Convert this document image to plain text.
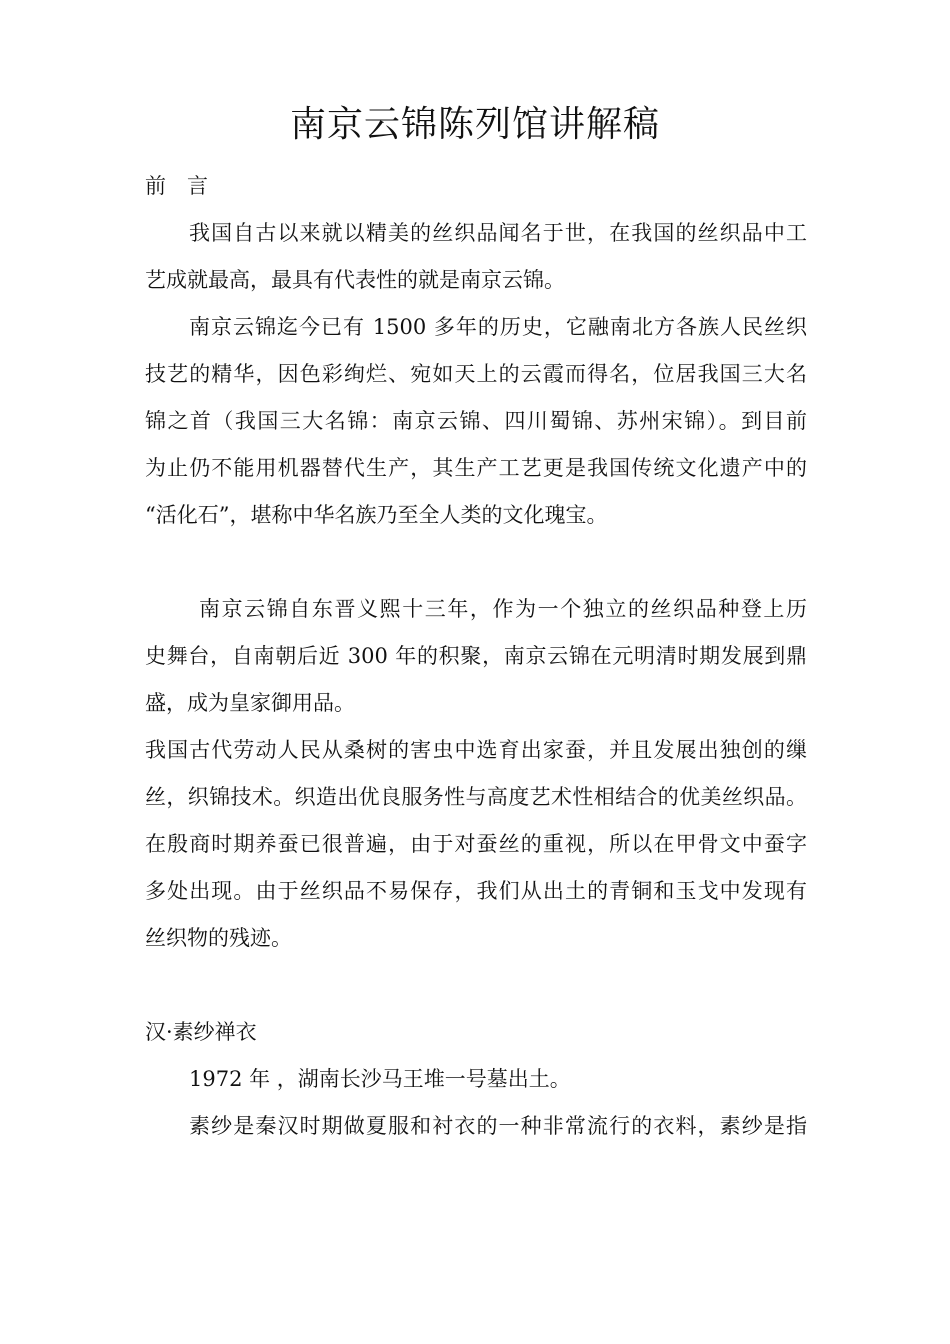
南京云锦陈列馆讲解稿
前　言
我国自古以来就以精美的丝织品闻名于世，在我国的丝织品中工
艺成就最高，最具有代表性的就是南京云锦。
南京云锦迄今已有 1500 多年的历史，它融南北方各族人民丝织
技艺的精华，因色彩绚烂、宛如天上的云霞而得名，位居我国三大名
锦之首（我国三大名锦：南京云锦、四川蜀锦、苏州宋锦）。到目前
为止仍不能用机器替代生产，其生产工艺更是我国传统文化遗产中的
“活化石”，堪称中华名族乃至全人类的文化瑰宝。
南京云锦自东晋义熙十三年，作为一个独立的丝织品种登上历
史舞台，自南朝后近 300 年的积聚，南京云锦在元明清时期发展到鼎
盛，成为皇家御用品。
我国古代劳动人民从桑树的害虫中选育出家蚕，并且发展出独创的缫
丝，织锦技术。织造出优良服务性与高度艺术性相结合的优美丝织品。
在殷商时期养蚕已很普遍，由于对蚕丝的重视，所以在甲骨文中蚕字
多处出现。由于丝织品不易保存，我们从出土的青铜和玉戈中发现有
丝织物的残迹。
汉·素纱禅衣
1972 年 ，湖南长沙马王堆一号墓出土。
素纱是秦汉时期做夏服和衬衣的一种非常流行的衣料，素纱是指
